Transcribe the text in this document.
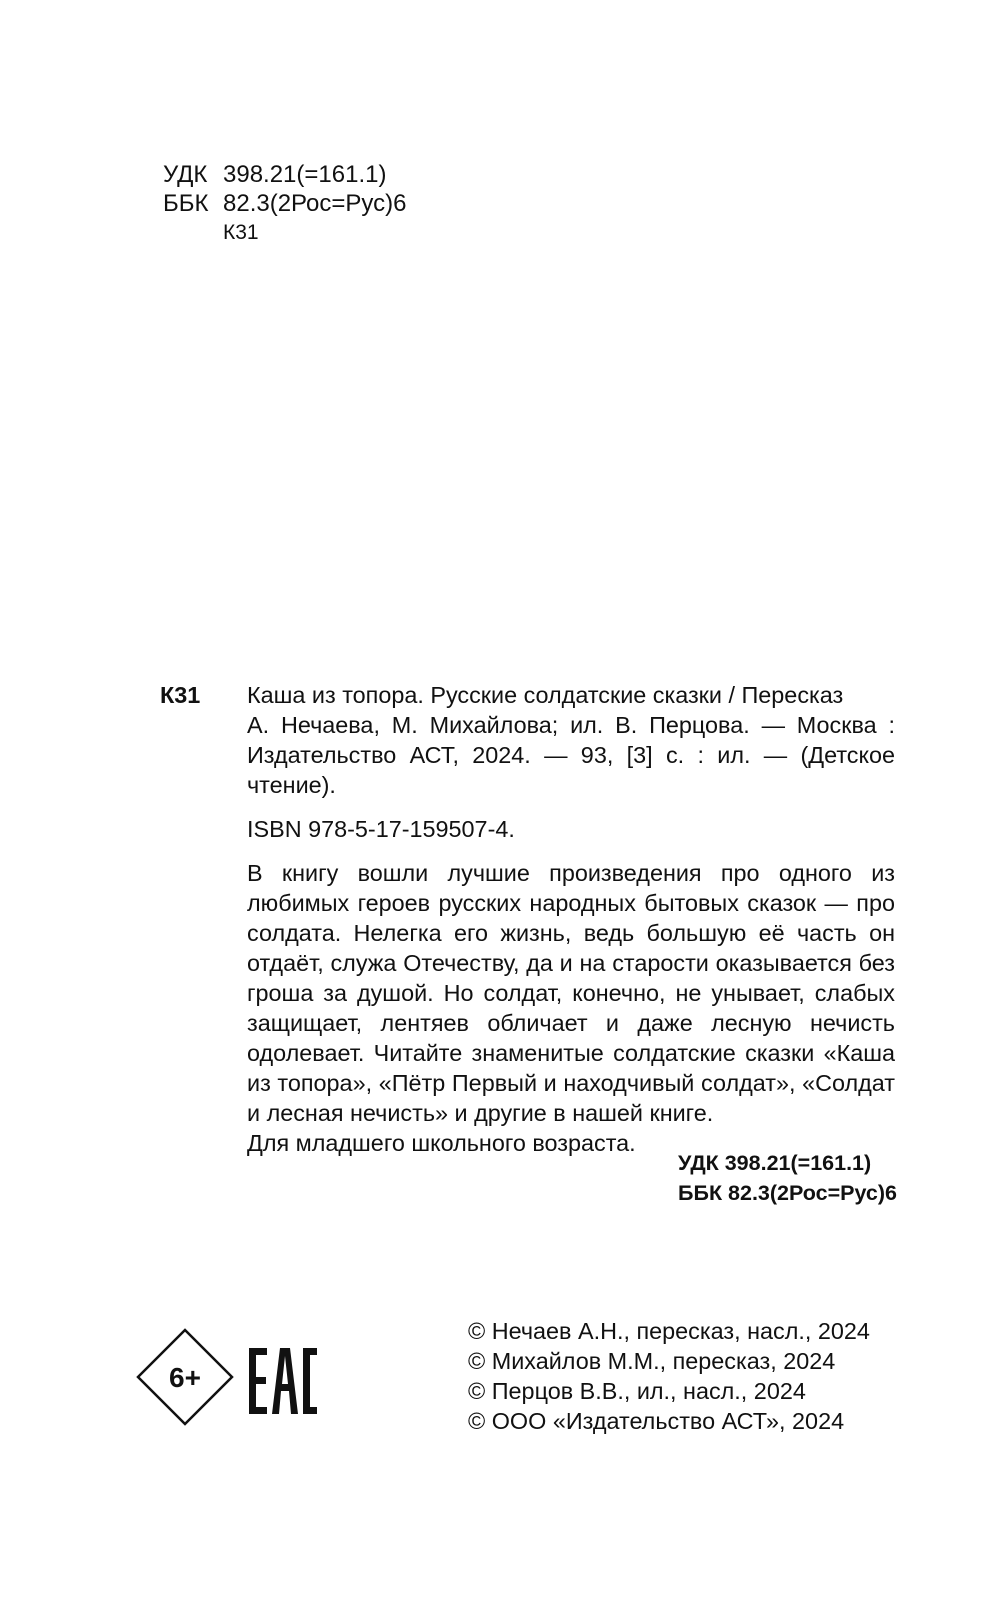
УДК 398.21(=161.1)
ББК 82.3(2Рос=Рус)6
К31
К31	Каша из топора. Русские солдатские сказки / Пересказ
А. Нечаева, М. Михайлова; ил. В. Перцова. — Москва : Издательство АСТ, 2024. — 93, [3] с. : ил. — (Детское чтение).
ISBN 978-5-17-159507-4.

В книгу вошли лучшие произведения про одного из любимых героев русских народных бытовых сказок — про солдата. Нелегка его жизнь, ведь большую её часть он отдаёт, служа Отечеству, да и на старости оказывается без гроша за душой. Но солдат, конечно, не унывает, слабых защищает, лентяев обличает и даже лесную нечисть одолевает. Читайте знаменитые солдатские сказки «Каша из топора», «Пётр Первый и находчивый солдат», «Солдат и лесная нечисть» и другие в нашей книге.

Для младшего школьного возраста.

УДК 398.21(=161.1)
ББК 82.3(2Рос=Рус)6
© Нечаев А.Н., пересказ, насл., 2024
© Михайлов М.М., пересказ, 2024
© Перцов В.В., ил., насл., 2024
© ООО «Издательство АСТ», 2024
6+
